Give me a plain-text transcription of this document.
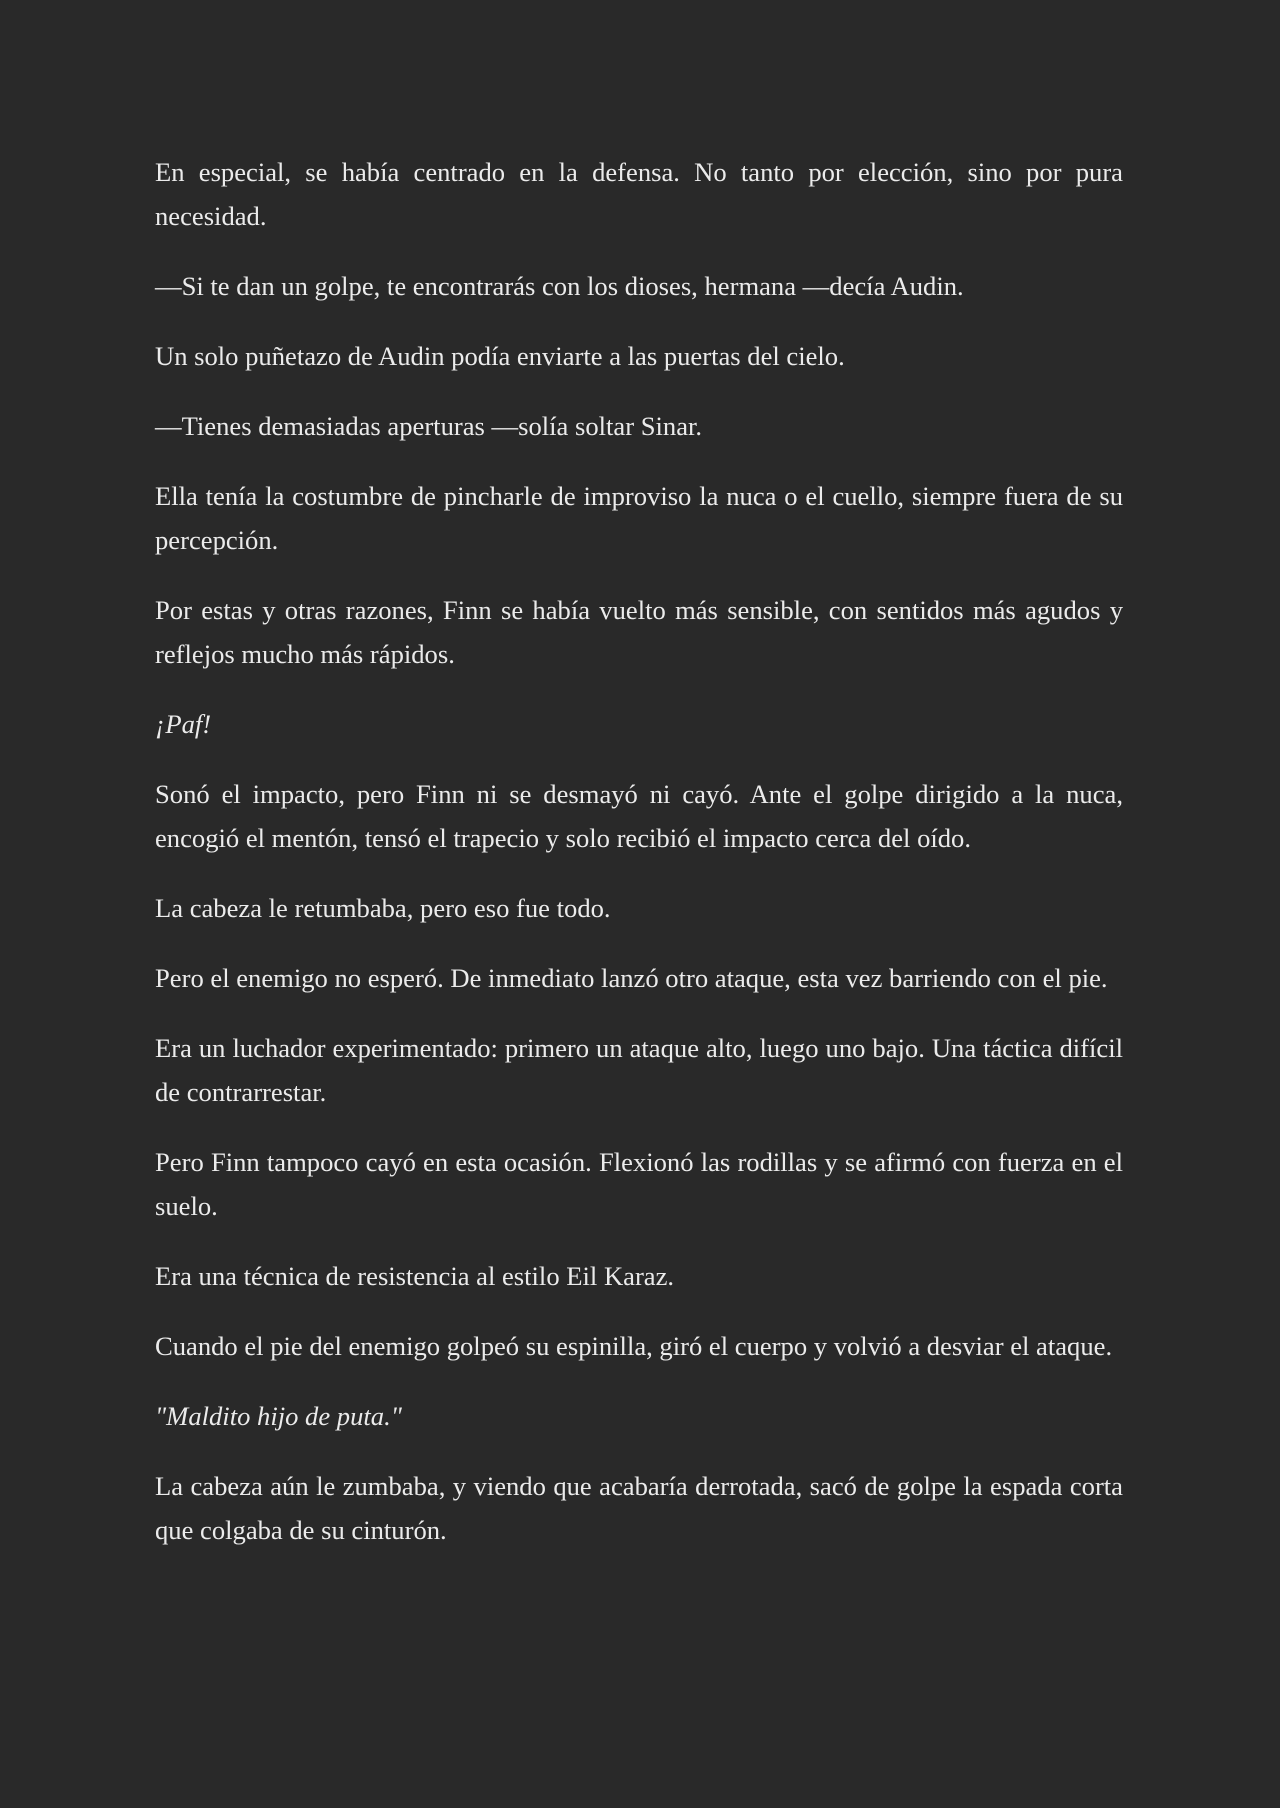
En especial, se había centrado en la defensa. No tanto por elección, sino por pura necesidad.

—Si te dan un golpe, te encontrarás con los dioses, hermana —decía Audin.

Un solo puñetazo de Audin podía enviarte a las puertas del cielo.

—Tienes demasiadas aperturas —solía soltar Sinar.

Ella tenía la costumbre de pincharle de improviso la nuca o el cuello, siempre fuera de su percepción.

Por estas y otras razones, Finn se había vuelto más sensible, con sentidos más agudos y reflejos mucho más rápidos.

¡Paf!

Sonó el impacto, pero Finn ni se desmayó ni cayó. Ante el golpe dirigido a la nuca, encogió el mentón, tensó el trapecio y solo recibió el impacto cerca del oído.

La cabeza le retumbaba, pero eso fue todo.

Pero el enemigo no esperó. De inmediato lanzó otro ataque, esta vez barriendo con el pie.

Era un luchador experimentado: primero un ataque alto, luego uno bajo. Una táctica difícil de contrarrestar.

Pero Finn tampoco cayó en esta ocasión. Flexionó las rodillas y se afirmó con fuerza en el suelo.

Era una técnica de resistencia al estilo Eil Karaz.

Cuando el pie del enemigo golpeó su espinilla, giró el cuerpo y volvió a desviar el ataque.

"Maldito hijo de puta."

La cabeza aún le zumbaba, y viendo que acabaría derrotada, sacó de golpe la espada corta que colgaba de su cinturón.
